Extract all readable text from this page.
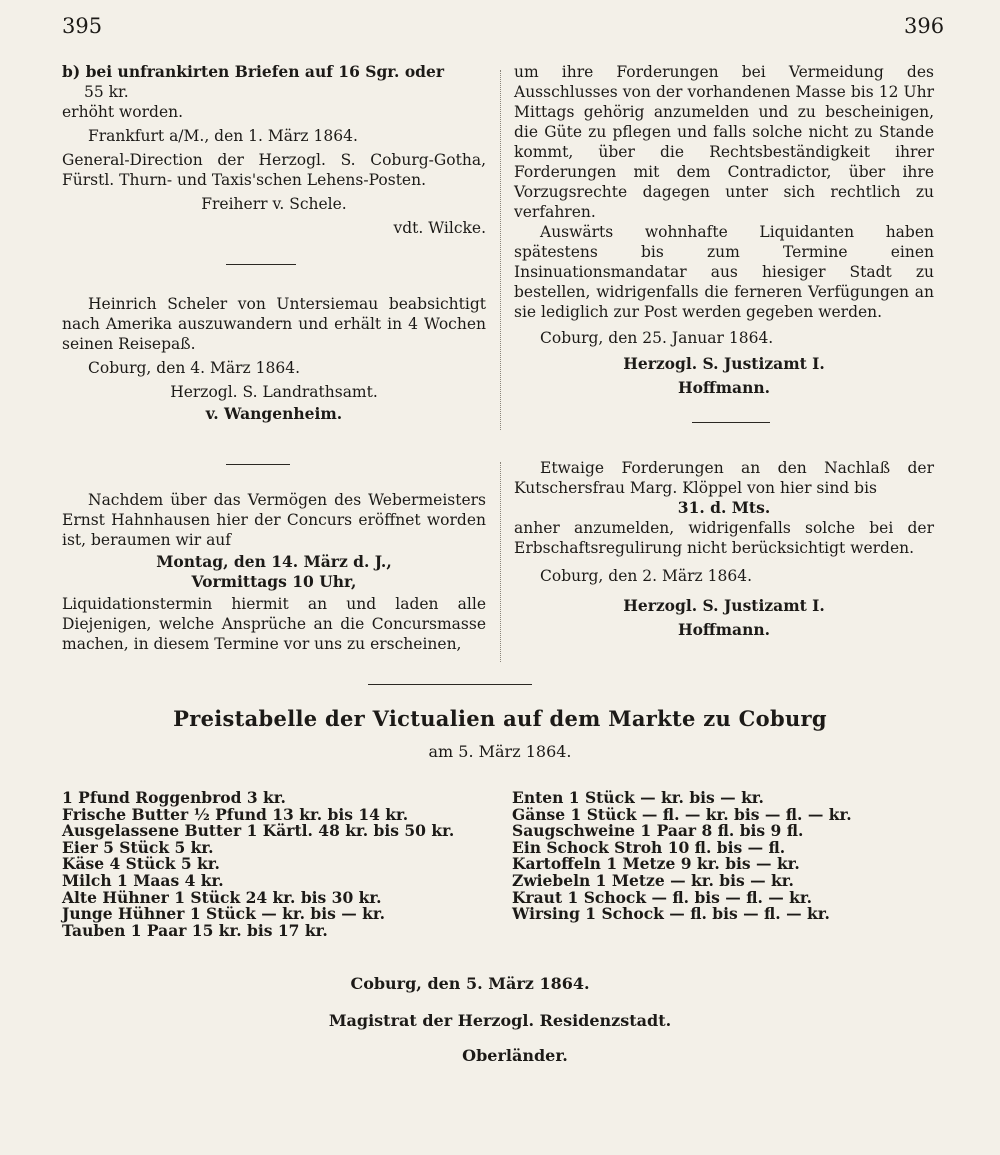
395	396

b) bei unfrankirten Briefen auf 16 Sgr. oder

55 kr.

erhöht worden.

Frankfurt a/M., den 1. März 1864.

General-Direction der Herzogl. S. Coburg-Gotha, Fürstl. Thurn- und Taxis'schen Lehens-Posten.

Freiherr v. Schele.

vdt. Wilcke.

Heinrich Scheler von Untersiemau beabsichtigt nach Amerika auszuwandern und erhält in 4 Wochen seinen Reisepaß.

Coburg, den 4. März 1864.

Herzogl. S. Landrathsamt.

v. Wangenheim.

Nachdem über das Vermögen des Webermeisters Ernst Hahnhausen hier der Concurs eröffnet worden ist, beraumen wir auf

Montag, den 14. März d. J.,

Vormittags 10 Uhr,

Liquidationstermin hiermit an und laden alle Diejenigen, welche Ansprüche an die Concursmasse machen, in diesem Termine vor uns zu erscheinen,

um ihre Forderungen bei Vermeidung des Ausschlusses von der vorhandenen Masse bis 12 Uhr Mittags gehörig anzumelden und zu bescheinigen, die Güte zu pflegen und falls solche nicht zu Stande kommt, über die Rechtsbeständigkeit ihrer Forderungen mit dem Contradictor, über ihre Vorzugsrechte dagegen unter sich rechtlich zu verfahren.

Auswärts wohnhafte Liquidanten haben spätestens bis zum Termine einen Insinuationsmandatar aus hiesiger Stadt zu bestellen, widrigenfalls die ferneren Verfügungen an sie lediglich zur Post werden gegeben werden.

Coburg, den 25. Januar 1864.

Herzogl. S. Justizamt I.

Hoffmann.

Etwaige Forderungen an den Nachlaß der Kutschersfrau Marg. Klöppel von hier sind bis

31. d. Mts.

anher anzumelden, widrigenfalls solche bei der Erbschaftsregulirung nicht berücksichtigt werden.

Coburg, den 2. März 1864.

Herzogl. S. Justizamt I.

Hoffmann.

Preistabelle der Victualien auf dem Markte zu Coburg
am 5. März 1864.
1 Pfund Roggenbrod 3 kr.
Frische Butter ½ Pfund 13 kr. bis 14 kr.
Ausgelassene Butter 1 Kärtl. 48 kr. bis 50 kr.
Eier 5 Stück 5 kr.
Käse 4 Stück 5 kr.
Milch 1 Maas 4 kr.
Alte Hühner 1 Stück 24 kr. bis 30 kr.
Junge Hühner 1 Stück — kr. bis — kr.
Tauben 1 Paar 15 kr. bis 17 kr.
Enten 1 Stück — kr. bis — kr.
Gänse 1 Stück — fl. — kr. bis — fl. — kr.
Saugschweine 1 Paar 8 fl. bis 9 fl.
Ein Schock Stroh 10 fl. bis — fl.
Kartoffeln 1 Metze 9 kr. bis — kr.
Zwiebeln 1 Metze — kr. bis — kr.
Kraut 1 Schock — fl. bis — fl. — kr.
Wirsing 1 Schock — fl. bis — fl. — kr.
Coburg, den 5. März 1864.
Magistrat der Herzogl. Residenzstadt.
Oberländer.
